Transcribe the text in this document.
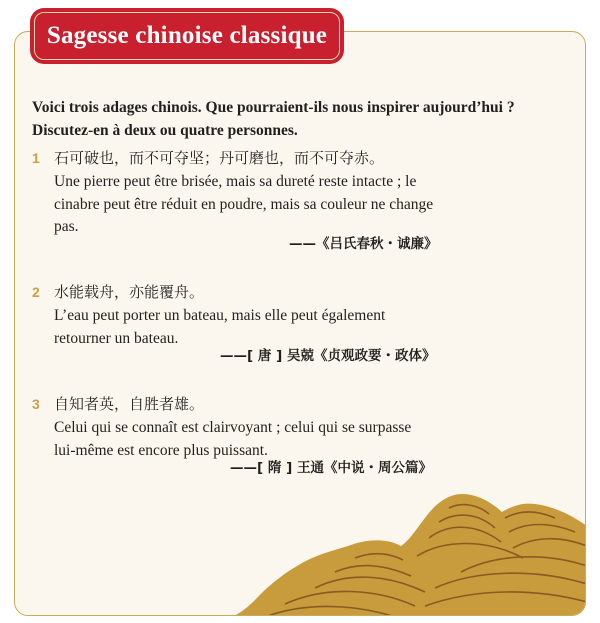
Sagesse chinoise classique
Voici trois adages chinois. Que pourraient-ils nous inspirer aujourd’hui ? Discutez-en à deux ou quatre personnes.
1 石可破也，而不可夺坚；丹可磨也，而不可夺赤。
Une pierre peut être brisée, mais sa dureté reste intacte ; le cinabre peut être réduit en poudre, mais sa couleur ne change pas.
——《吕氏春秋・诚廉》
2 水能载舟，亦能覆舟。
L’eau peut porter un bateau, mais elle peut également retourner un bateau.
——[ 唐 ] 吴兢《贞观政要・政体》
3 自知者英，自胜者雄。
Celui qui se connaît est clairvoyant ; celui qui se surpasse lui-même est encore plus puissant.
——[ 隋 ] 王通《中说・周公篇》
